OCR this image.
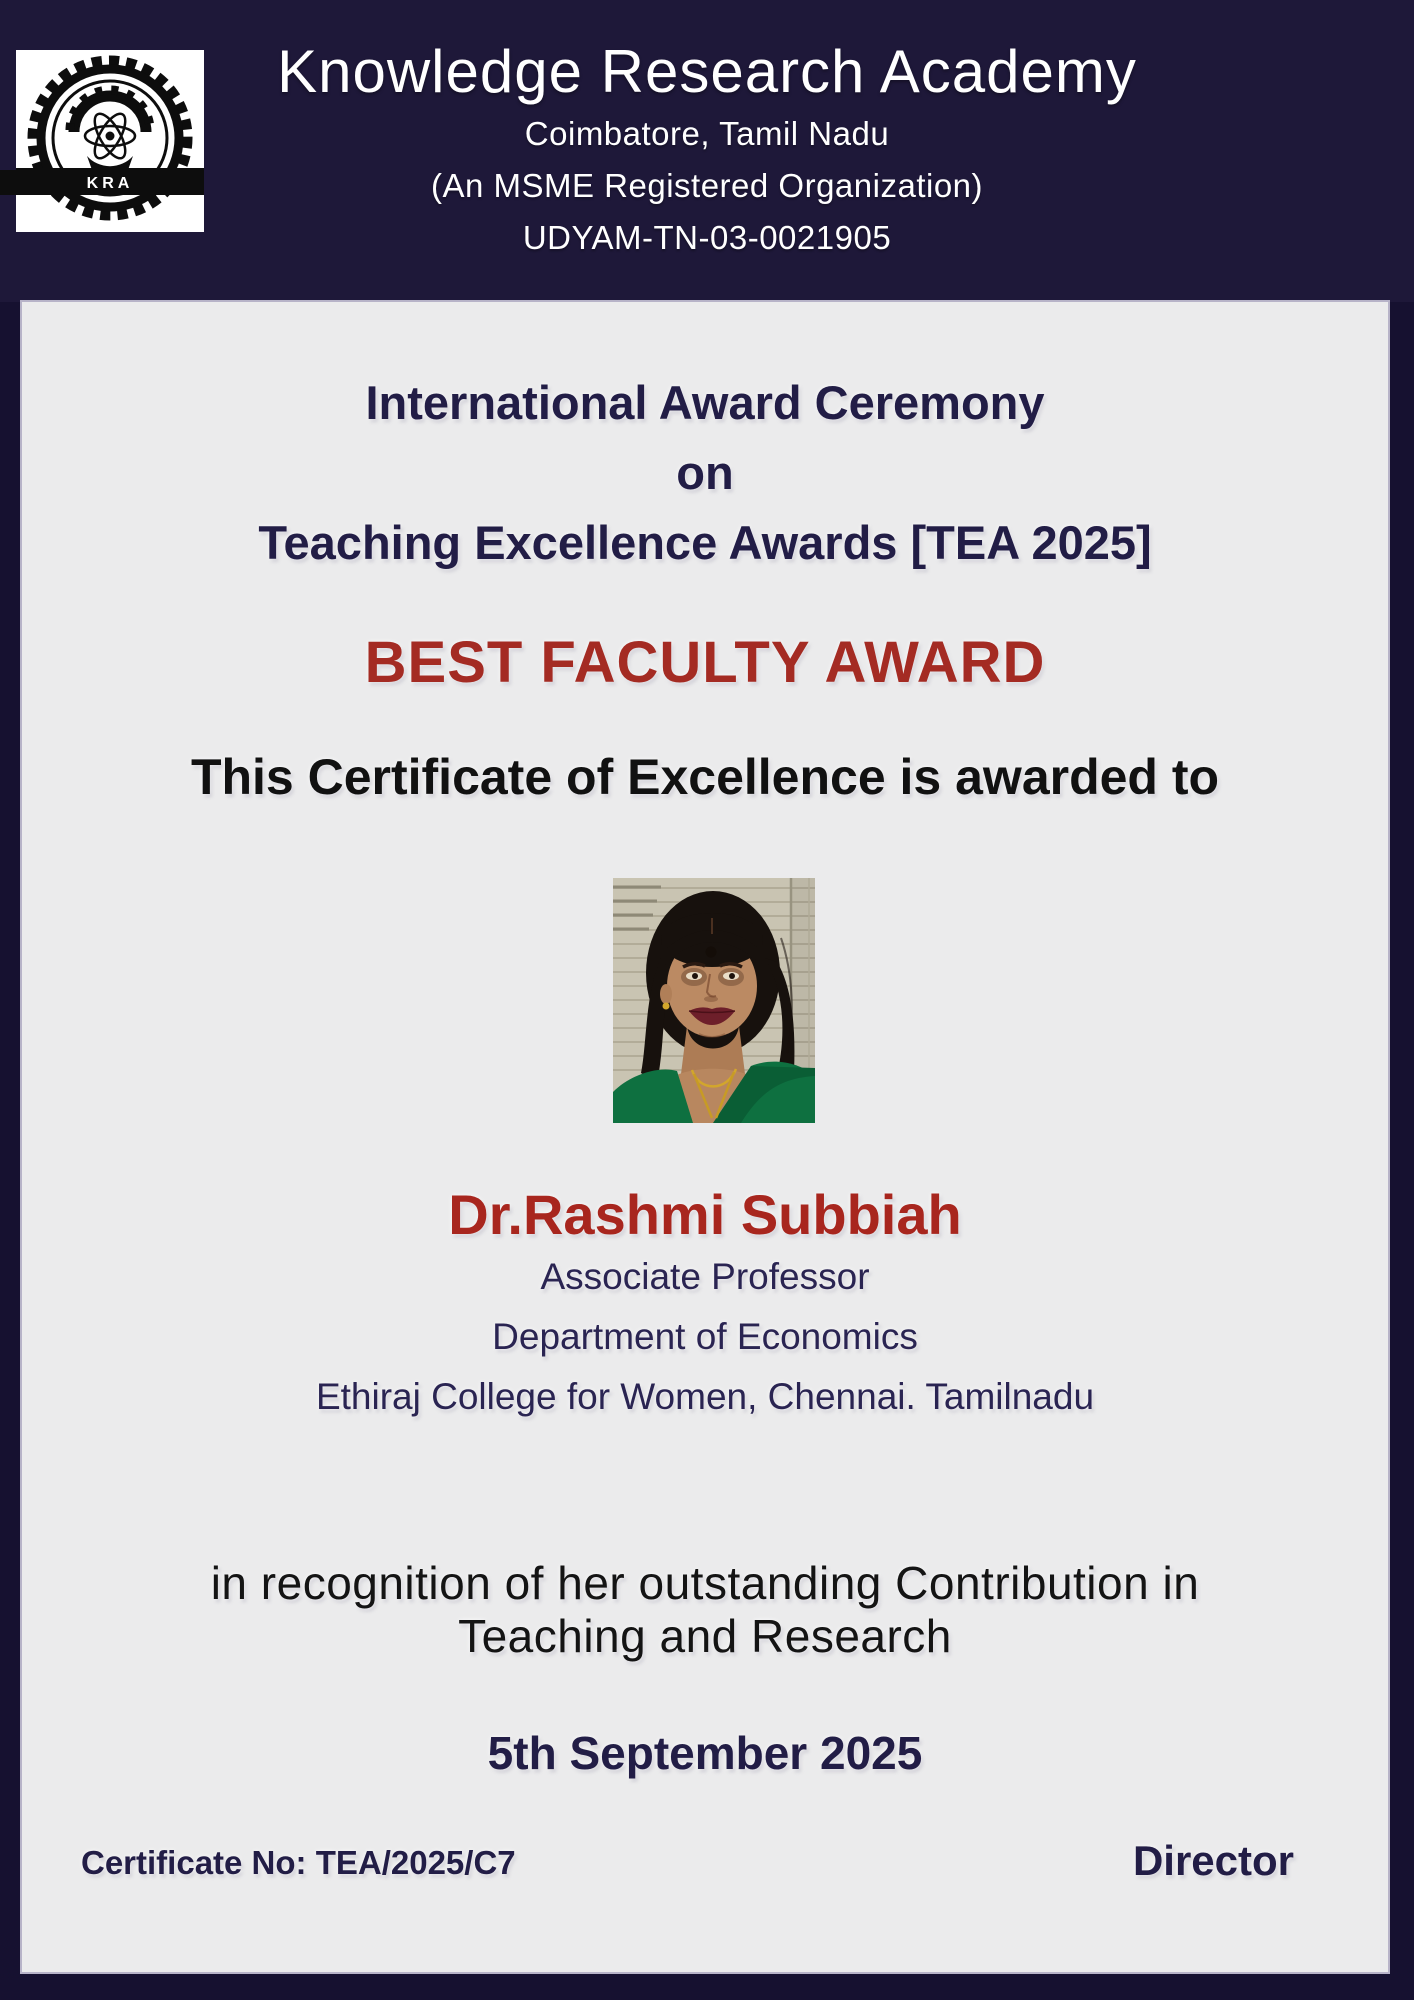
Knowledge Research Academy
Coimbatore, Tamil Nadu
(An MSME Registered Organization)
UDYAM-TN-03-0021905
KRA
International Award Ceremony
on
Teaching Excellence Awards [TEA 2025]
BEST FACULTY AWARD
This Certificate of Excellence is awarded to
Dr.Rashmi Subbiah
Associate Professor
Department of Economics
Ethiraj College for Women, Chennai. Tamilnadu
in recognition of her outstanding Contribution in
Teaching and Research
5th September 2025
Certificate No: TEA/2025/C7	Director
